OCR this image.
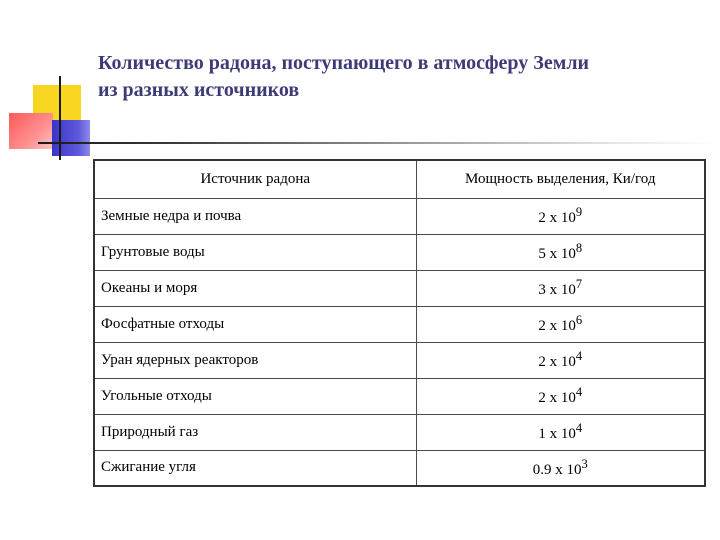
Количество радона, поступающего в атмосферу Земли
из разных источников
Источник радона	Мощность выделения, Ки/год
Земные недра и почва	2 х $10^9$
Грунтовые воды	5 х $10^8$
Океаны и моря	3 х $10^7$
Фосфатные отходы	2 х $10^6$
Уран ядерных реакторов	2 х $10^4$
Угольные отходы	2 х $10^4$
Природный газ	1 х $10^4$
Сжигание угля	0.9 х $10^3$
